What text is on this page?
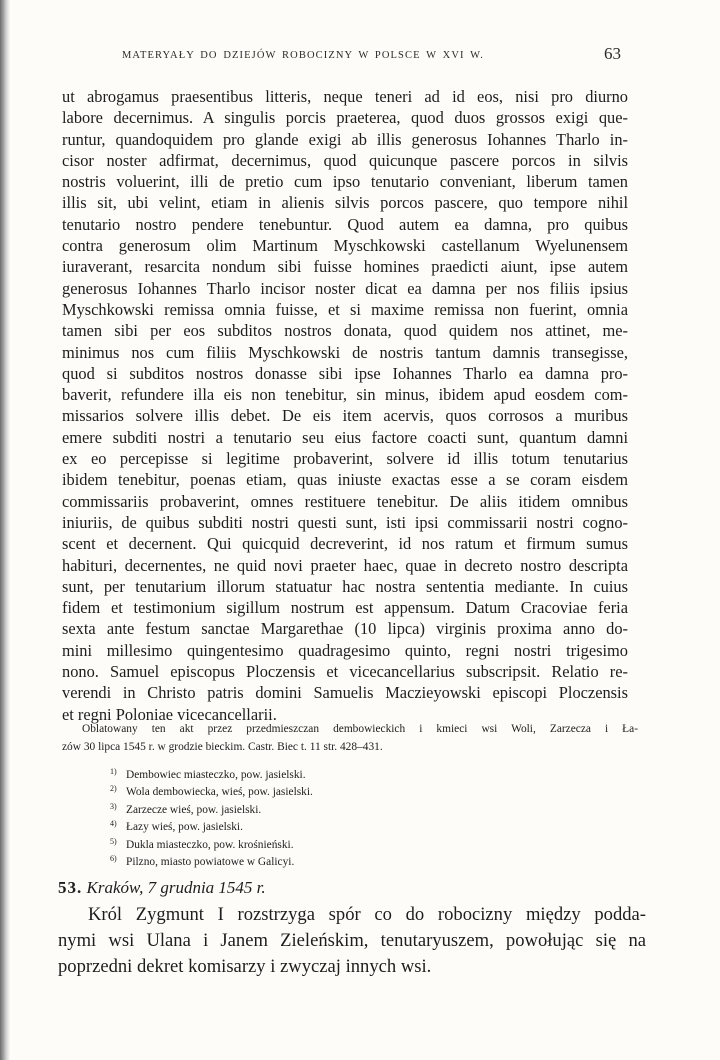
MATERYAŁY DO DZIEJÓW ROBOCIZNY W POLSCE W XVI W.	63
ut abrogamus praesentibus litteris, neque teneri ad id eos, nisi pro diurno
labore decernimus. A singulis porcis praeterea, quod duos grossos exigi que-
runtur, quandoquidem pro glande exigi ab illis generosus Iohannes Tharlo in-
cisor noster adfirmat, decernimus, quod quicunque pascere porcos in silvis
nostris voluerint, illi de pretio cum ipso tenutario conveniant, liberum tamen
illis sit, ubi velint, etiam in alienis silvis porcos pascere, quo tempore nihil
tenutario nostro pendere tenebuntur. Quod autem ea damna, pro quibus
contra generosum olim Martinum Myschkowski castellanum Wyelunensem
iuraverant, resarcita nondum sibi fuisse homines praedicti aiunt, ipse autem
generosus Iohannes Tharlo incisor noster dicat ea damna per nos filiis ipsius
Myschkowski remissa omnia fuisse, et si maxime remissa non fuerint, omnia
tamen sibi per eos subditos nostros donata, quod quidem nos attinet, me-
minimus nos cum filiis Myschkowski de nostris tantum damnis transegisse,
quod si subditos nostros donasse sibi ipse Iohannes Tharlo ea damna pro-
baverit, refundere illa eis non tenebitur, sin minus, ibidem apud eosdem com-
missarios solvere illis debet. De eis item acervis, quos corrosos a muribus
emere subditi nostri a tenutario seu eius factore coacti sunt, quantum damni
ex eo percepisse si legitime probaverint, solvere id illis totum tenutarius
ibidem tenebitur, poenas etiam, quas iniuste exactas esse a se coram eisdem
commissariis probaverint, omnes restituere tenebitur. De aliis itidem omnibus
iniuriis, de quibus subditi nostri questi sunt, isti ipsi commissarii nostri cogno-
scent et decernent. Qui quicquid decreverint, id nos ratum et firmum sumus
habituri, decernentes, ne quid novi praeter haec, quae in decreto nostro descripta
sunt, per tenutarium illorum statuatur hac nostra sententia mediante. In cuius
fidem et testimonium sigillum nostrum est appensum. Datum Cracoviae feria
sexta ante festum sanctae Margarethae (10 lipca) virginis proxima anno do-
mini millesimo quingentesimo quadragesimo quinto, regni nostri trigesimo
nono. Samuel episcopus Ploczensis et vicecancellarius subscripsit. Relatio re-
verendi in Christo patris domini Samuelis Maczieyowski episcopi Ploczensis
et regni Poloniae vicecancellarii.
Oblatowany ten akt przez przedmieszczan dembowieckich i kmieci wsi Woli, Zarzecza i Ła-
zów 30 lipca 1545 r. w grodzie bieckim. Castr. Biec t. 11 str. 428–431.
1) Dembowiec miasteczko, pow. jasielski.
2) Wola dembowiecka, wieś, pow. jasielski.
3) Zarzecze wieś, pow. jasielski.
4) Łazy wieś, pow. jasielski.
5) Dukla miasteczko, pow. krośnieński.
6) Pilzno, miasto powiatowe w Galicyi.
53. Kraków, 7 grudnia 1545 r.
Król Zygmunt I rozstrzyga spór co do robocizny między podda-
nymi wsi Ulana i Janem Zieleńskim, tenutaryuszem, powołując się na
poprzedni dekret komisarzy i zwyczaj innych wsi.
